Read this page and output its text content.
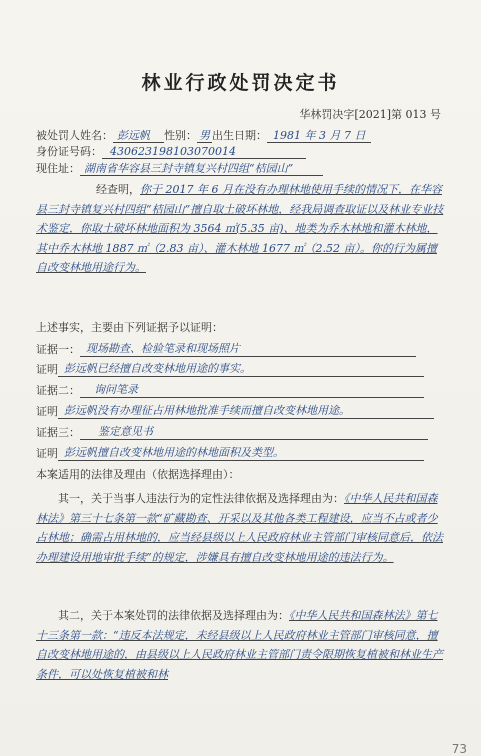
林业行政处罚决定书
华林罚决字[2021]第 013 号
被处罚人姓名： 彭远帆 性别： 男 出生日期： 1981 年 3 月 7 日
身份证号码： 430623198103070014
现住址： 湖南省华容县三封寺镇复兴村四组“桔园山”
经查明，你于 2017 年 6 月在没有办理林地使用手续的情况下，在华容县三封寺镇复兴村四组“桔园山”擅自取土破坏林地，经我局调查取证以及林业专业技术鉴定，你取土破坏林地面积为 3564 ㎡(5.35 亩)、地类为乔木林地和灌木林地，其中乔木林地 1887 ㎡（2.83 亩）、灌木林地 1677 ㎡（2.52 亩）。你的行为属擅自改变林地用途行为。
上述事实，主要由下列证据予以证明：
证据一： 现场勘查、检验笔录和现场照片
证明 彭远帆已经擅自改变林地用途的事实。
证据二： 询问笔录
证明 彭远帆没有办理征占用林地批准手续而擅自改变林地用途。
证据三： 鉴定意见书
证明 彭远帆擅自改变林地用途的林地面积及类型。
本案适用的法律及理由（依据选择理由）：
其一，关于当事人违法行为的定性法律依据及选择理由为：《中华人民共和国森林法》第三十七条第一款“矿藏勘查、开采以及其他各类工程建设，应当不占或者少占林地；确需占用林地的，应当经县级以上人民政府林业主管部门审核同意后，依法办理建设用地审批手续”的规定，涉嫌具有擅自改变林地用途的违法行为。
其二，关于本案处罚的法律依据及选择理由为：《中华人民共和国森林法》第七十三条第一款：“违反本法规定，未经县级以上人民政府林业主管部门审核同意，擅自改变林地用途的，由县级以上人民政府林业主管部门责令限期恢复植被和林业生产条件，可以处恢复植被和林
73
